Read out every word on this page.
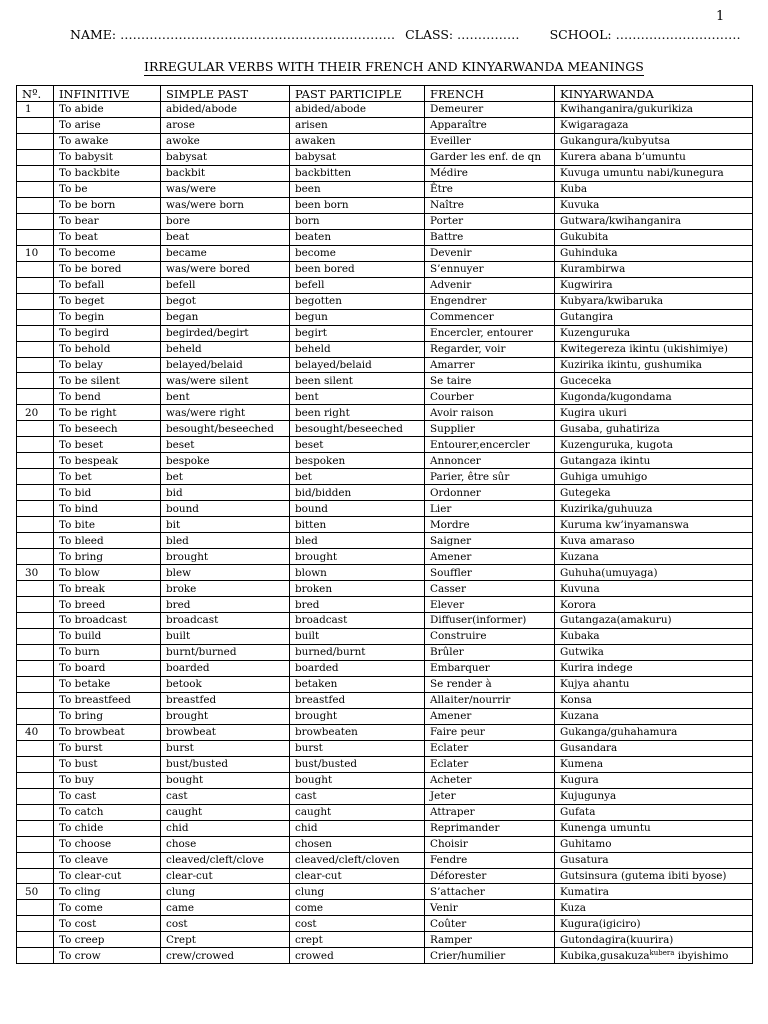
1
NAME: ………………………………………………………… CLASS: …………… SCHOOL: …………………………
IRREGULAR VERBS WITH THEIR FRENCH AND KINYARWANDA MEANINGS
Nº.	INFINITIVE	SIMPLE PAST	PAST PARTICIPLE	FRENCH	KINYARWANDA
1	To abide	abided/abode	abided/abode	Demeurer	Kwihanganira/gukurikiza
	To arise	arose	arisen	Apparaître	Kwigaragaza
	To awake	awoke	awaken	Eveiller	Gukangura/kubyutsa
	To babysit	babysat	babysat	Garder les enf. de qn	Kurera abana b’umuntu
	To backbite	backbit	backbitten	Médire	Kuvuga umuntu nabi/kunegura
	To be	was/were	been	Être	Kuba
	To be born	was/were born	been born	Naître	Kuvuka
	To bear	bore	born	Porter	Gutwara/kwihanganira
	To beat	beat	beaten	Battre	Gukubita
10	To become	became	become	Devenir	Guhinduka
	To be bored	was/were bored	been bored	S’ennuyer	Kurambirwa
	To befall	befell	befell	Advenir	Kugwirira
	To beget	begot	begotten	Engendrer	Kubyara/kwibaruka
	To begin	began	begun	Commencer	Gutangira
	To begird	begirded/begirt	begirt	Encercler, entourer	Kuzenguruka
	To behold	beheld	beheld	Regarder, voir	Kwitegereza ikintu (ukishimiye)
	To belay	belayed/belaid	belayed/belaid	Amarrer	Kuzirika ikintu, gushumika
	To be silent	was/were silent	been silent	Se taire	Guceceka
	To bend	bent	bent	Courber	Kugonda/kugondama
20	To be right	was/were right	been right	Avoir raison	Kugira ukuri
	To beseech	besought/beseeched	besought/beseeched	Supplier	Gusaba, guhatiriza
	To beset	beset	beset	Entourer,encercler	Kuzenguruka, kugota
	To bespeak	bespoke	bespoken	Annoncer	Gutangaza ikintu
	To bet	bet	bet	Parier, être sûr	Guhiga umuhigo
	To bid	bid	bid/bidden	Ordonner	Gutegeka
	To bind	bound	bound	Lier	Kuzirika/guhuuza
	To bite	bit	bitten	Mordre	Kuruma kw’inyamanswa
	To bleed	bled	bled	Saigner	Kuva amaraso
	To bring	brought	brought	Amener	Kuzana
30	To blow	blew	blown	Souffler	Guhuha(umuyaga)
	To break	broke	broken	Casser	Kuvuna
	To breed	bred	bred	Elever	Korora
	To broadcast	broadcast	broadcast	Diffuser(informer)	Gutangaza(amakuru)
	To build	built	built	Construire	Kubaka
	To burn	burnt/burned	burned/burnt	Brûler	Gutwika
	To board	boarded	boarded	Embarquer	Kurira indege
	To betake	betook	betaken	Se render à	Kujya ahantu
	To breastfeed	breastfed	breastfed	Allaiter/nourrir	Konsa
	To bring	brought	brought	Amener	Kuzana
40	To browbeat	browbeat	browbeaten	Faire peur	Gukanga/guhahamura
	To burst	burst	burst	Eclater	Gusandara
	To bust	bust/busted	bust/busted	Eclater	Kumena
	To buy	bought	bought	Acheter	Kugura
	To cast	cast	cast	Jeter	Kujugunya
	To catch	caught	caught	Attraper	Gufata
	To chide	chid	chid	Reprimander	Kunenga umuntu
	To choose	chose	chosen	Choisir	Guhitamo
	To cleave	cleaved/cleft/clove	cleaved/cleft/cloven	Fendre	Gusatura
	To clear-cut	clear-cut	clear-cut	Déforester	Gutsinsura (gutema ibiti byose)
50	To cling	clung	clung	S’attacher	Kumatira
	To come	came	come	Venir	Kuza
	To cost	cost	cost	Coûter	Kugura(igiciro)
	To creep	Crept	crept	Ramper	Gutondagira(kuurira)
	To crow	crew/crowed	crowed	Crier/humilier	Kubika,gusakuza$^{kubera}$ ibyishimo
